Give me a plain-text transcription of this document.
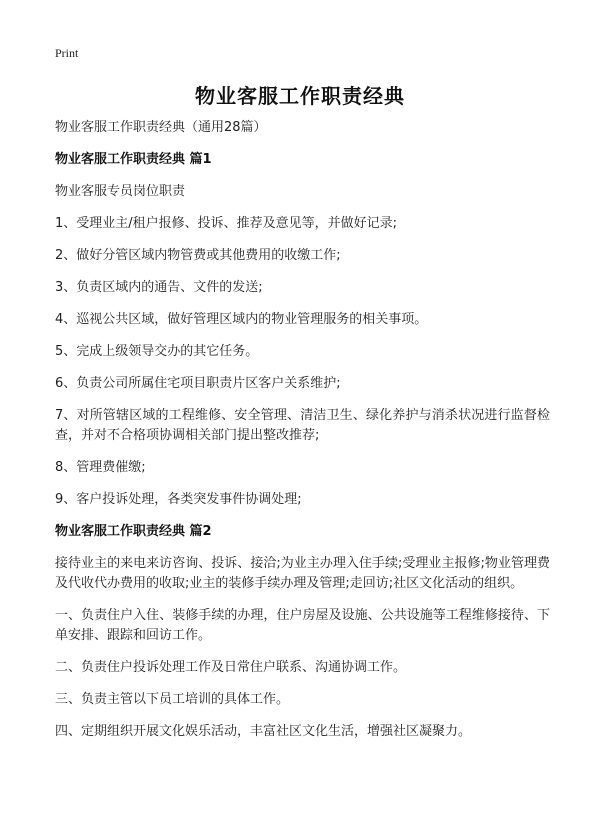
Print
物业客服工作职责经典

物业客服工作职责经典（通用28篇）

物业客服工作职责经典 篇1

物业客服专员岗位职责

1、受理业主/租户报修、投诉、推荐及意见等，并做好记录;

2、做好分管区域内物管费或其他费用的收缴工作;

3、负责区域内的通告、文件的发送;

4、巡视公共区域，做好管理区域内的物业管理服务的相关事项。

5、完成上级领导交办的其它任务。

6、负责公司所属住宅项目职责片区客户关系维护;

7、对所管辖区域的工程维修、安全管理、清洁卫生、绿化养护与消杀状况进行监督检查，并对不合格项协调相关部门提出整改推荐;

8、管理费催缴;

9、客户投诉处理，各类突发事件协调处理;

物业客服工作职责经典 篇2

接待业主的来电来访咨询、投诉、接洽;为业主办理入住手续;受理业主报修;物业管理费及代收代办费用的收取;业主的装修手续办理及管理;走回访;社区文化活动的组织。

一、负责住户入住、装修手续的办理，住户房屋及设施、公共设施等工程维修接待、下单安排、跟踪和回访工作。

二、负责住户投诉处理工作及日常住户联系、沟通协调工作。

三、负责主管以下员工培训的具体工作。

四、定期组织开展文化娱乐活动，丰富社区文化生活，增强社区凝聚力。
